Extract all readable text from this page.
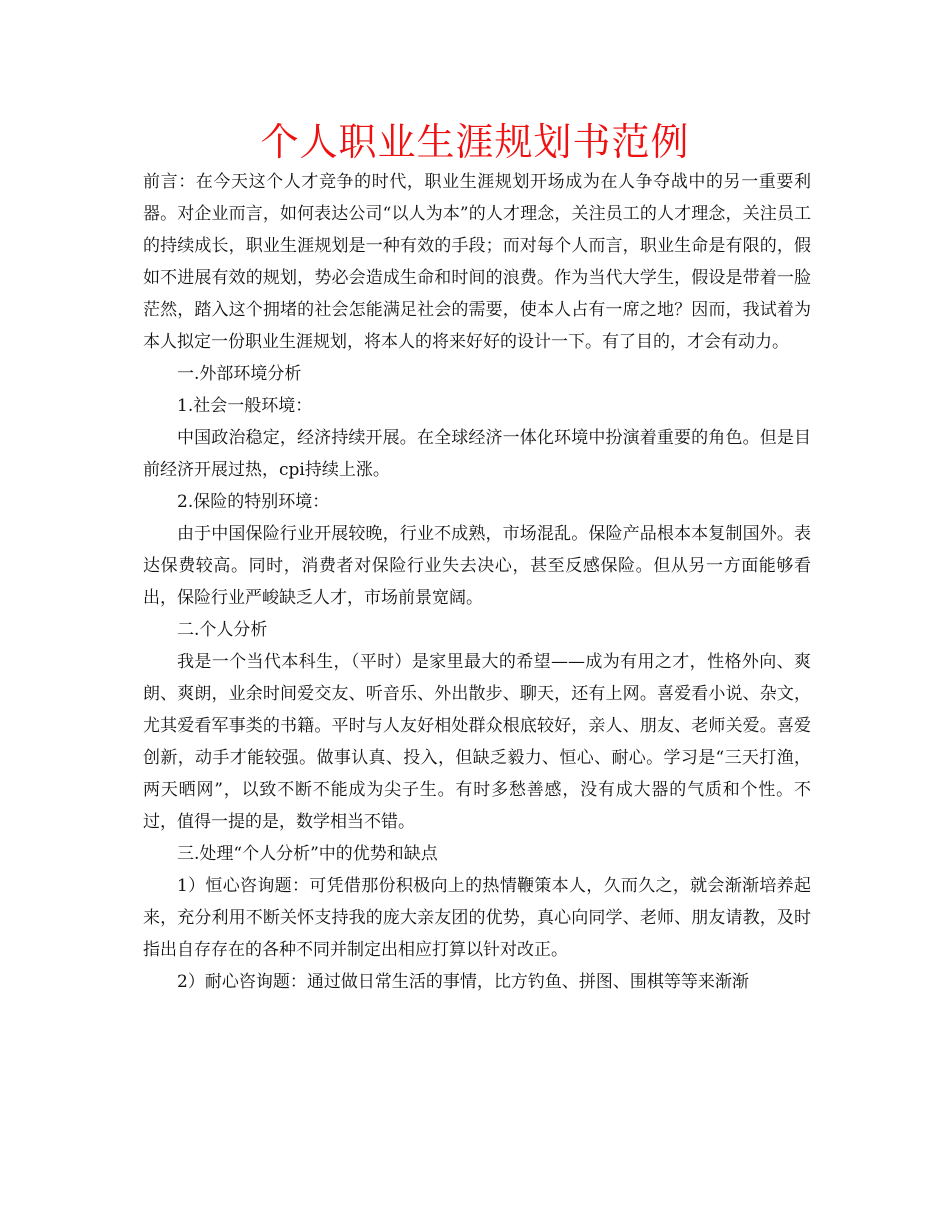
个人职业生涯规划书范例

前言：在今天这个人才竞争的时代，职业生涯规划开场成为在人争夺战中的另一重要利器。对企业而言，如何表达公司“以人为本”的人才理念，关注员工的人才理念，关注员工的持续成长，职业生涯规划是一种有效的手段；而对每个人而言，职业生命是有限的，假如不进展有效的规划，势必会造成生命和时间的浪费。作为当代大学生，假设是带着一脸茫然，踏入这个拥堵的社会怎能满足社会的需要，使本人占有一席之地？因而，我试着为本人拟定一份职业生涯规划，将本人的将来好好的设计一下。有了目的，才会有动力。

一.外部环境分析

1.社会一般环境：

中国政治稳定，经济持续开展。在全球经济一体化环境中扮演着重要的角色。但是目前经济开展过热，cpi持续上涨。

2.保险的特别环境：

由于中国保险行业开展较晚，行业不成熟，市场混乱。保险产品根本本复制国外。表达保费较高。同时，消费者对保险行业失去决心，甚至反感保险。但从另一方面能够看出，保险行业严峻缺乏人才，市场前景宽阔。

二.个人分析

我是一个当代本科生，（平时）是家里最大的希望——成为有用之才，性格外向、爽朗、爽朗，业余时间爱交友、听音乐、外出散步、聊天，还有上网。喜爱看小说、杂文，尤其爱看军事类的书籍。平时与人友好相处群众根底较好，亲人、朋友、老师关爱。喜爱创新，动手才能较强。做事认真、投入，但缺乏毅力、恒心、耐心。学习是“三天打渔，两天晒网”，以致不断不能成为尖子生。有时多愁善感，没有成大器的气质和个性。不过，值得一提的是，数学相当不错。

三.处理“个人分析”中的优势和缺点

1）恒心咨询题：可凭借那份积极向上的热情鞭策本人，久而久之，就会渐渐培养起来，充分利用不断关怀支持我的庞大亲友团的优势，真心向同学、老师、朋友请教，及时指出自存存在的各种不同并制定出相应打算以针对改正。

2）耐心咨询题：通过做日常生活的事情，比方钓鱼、拼图、围棋等等来渐渐
